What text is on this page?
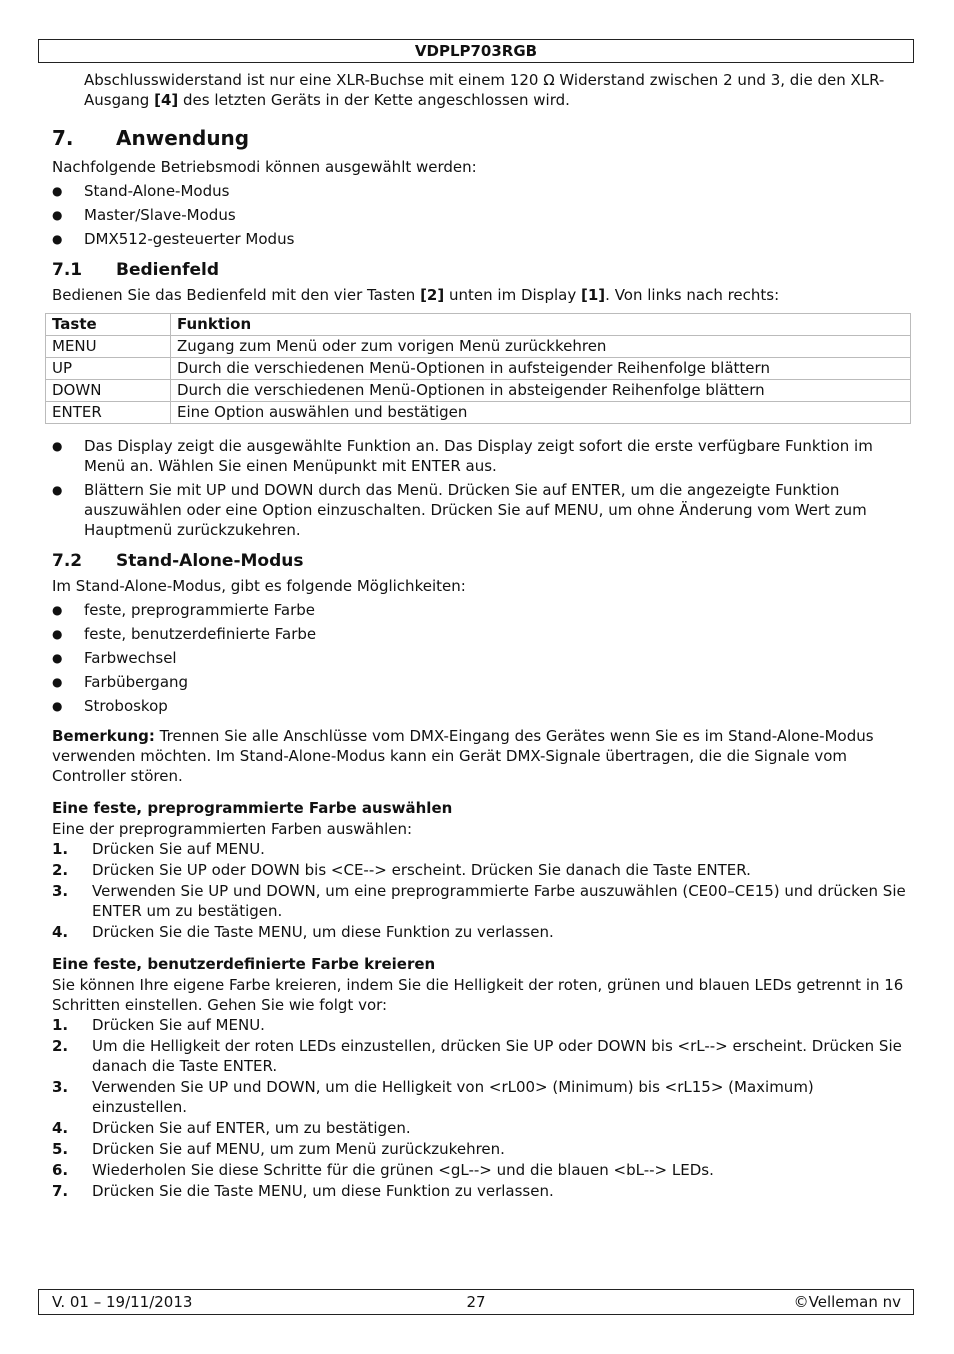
VDPLP703RGB

Abschlusswiderstand ist nur eine XLR-Buchse mit einem 120 Ω Widerstand zwischen 2 und 3, die den XLR-Ausgang [4] des letzten Geräts in der Kette angeschlossen wird.

7. Anwendung

Nachfolgende Betriebsmodi können ausgewählt werden:

● Stand-Alone-Modus
● Master/Slave-Modus
● DMX512-gesteuerter Modus
7.1 Bedienfeld

Bedienen Sie das Bedienfeld mit den vier Tasten [2] unten im Display [1]. Von links nach rechts:

Taste	Funktion
MENU	Zugang zum Menü oder zum vorigen Menü zurückkehren
UP	Durch die verschiedenen Menü-Optionen in aufsteigender Reihenfolge blättern
DOWN	Durch die verschiedenen Menü-Optionen in absteigender Reihenfolge blättern
ENTER	Eine Option auswählen und bestätigen
● Das Display zeigt die ausgewählte Funktion an. Das Display zeigt sofort die erste verfügbare Funktion im Menü an. Wählen Sie einen Menüpunkt mit ENTER aus.
● Blättern Sie mit UP und DOWN durch das Menü. Drücken Sie auf ENTER, um die angezeigte Funktion auszuwählen oder eine Option einzuschalten. Drücken Sie auf MENU, um ohne Änderung vom Wert zum Hauptmenü zurückzukehren.
7.2 Stand-Alone-Modus

Im Stand-Alone-Modus, gibt es folgende Möglichkeiten:

● feste, preprogrammierte Farbe
● feste, benutzerdefinierte Farbe
● Farbwechsel
● Farbübergang
● Stroboskop

Bemerkung: Trennen Sie alle Anschlüsse vom DMX-Eingang des Gerätes wenn Sie es im Stand-Alone-Modus verwenden möchten. Im Stand-Alone-Modus kann ein Gerät DMX-Signale übertragen, die die Signale vom Controller stören.

Eine feste, preprogrammierte Farbe auswählen

Eine der preprogrammierten Farben auswählen:

1. Drücken Sie auf MENU.
2. Drücken Sie UP oder DOWN bis <CE--> erscheint. Drücken Sie danach die Taste ENTER.
3. Verwenden Sie UP und DOWN, um eine preprogrammierte Farbe auszuwählen (CE00–CE15) und drücken Sie ENTER um zu bestätigen.
4. Drücken Sie die Taste MENU, um diese Funktion zu verlassen.
Eine feste, benutzerdefinierte Farbe kreieren

Sie können Ihre eigene Farbe kreieren, indem Sie die Helligkeit der roten, grünen und blauen LEDs getrennt in 16 Schritten einstellen. Gehen Sie wie folgt vor:

1. Drücken Sie auf MENU.
2. Um die Helligkeit der roten LEDs einzustellen, drücken Sie UP oder DOWN bis <rL--> erscheint. Drücken Sie danach die Taste ENTER.
3. Verwenden Sie UP und DOWN, um die Helligkeit von <rL00> (Minimum) bis <rL15> (Maximum) einzustellen.
4. Drücken Sie auf ENTER, um zu bestätigen.
5. Drücken Sie auf MENU, um zum Menü zurückzukehren.
6. Wiederholen Sie diese Schritte für die grünen <gL--> und die blauen <bL--> LEDs.
7. Drücken Sie die Taste MENU, um diese Funktion zu verlassen.
V. 01 – 19/11/2013	27	©Velleman nv
